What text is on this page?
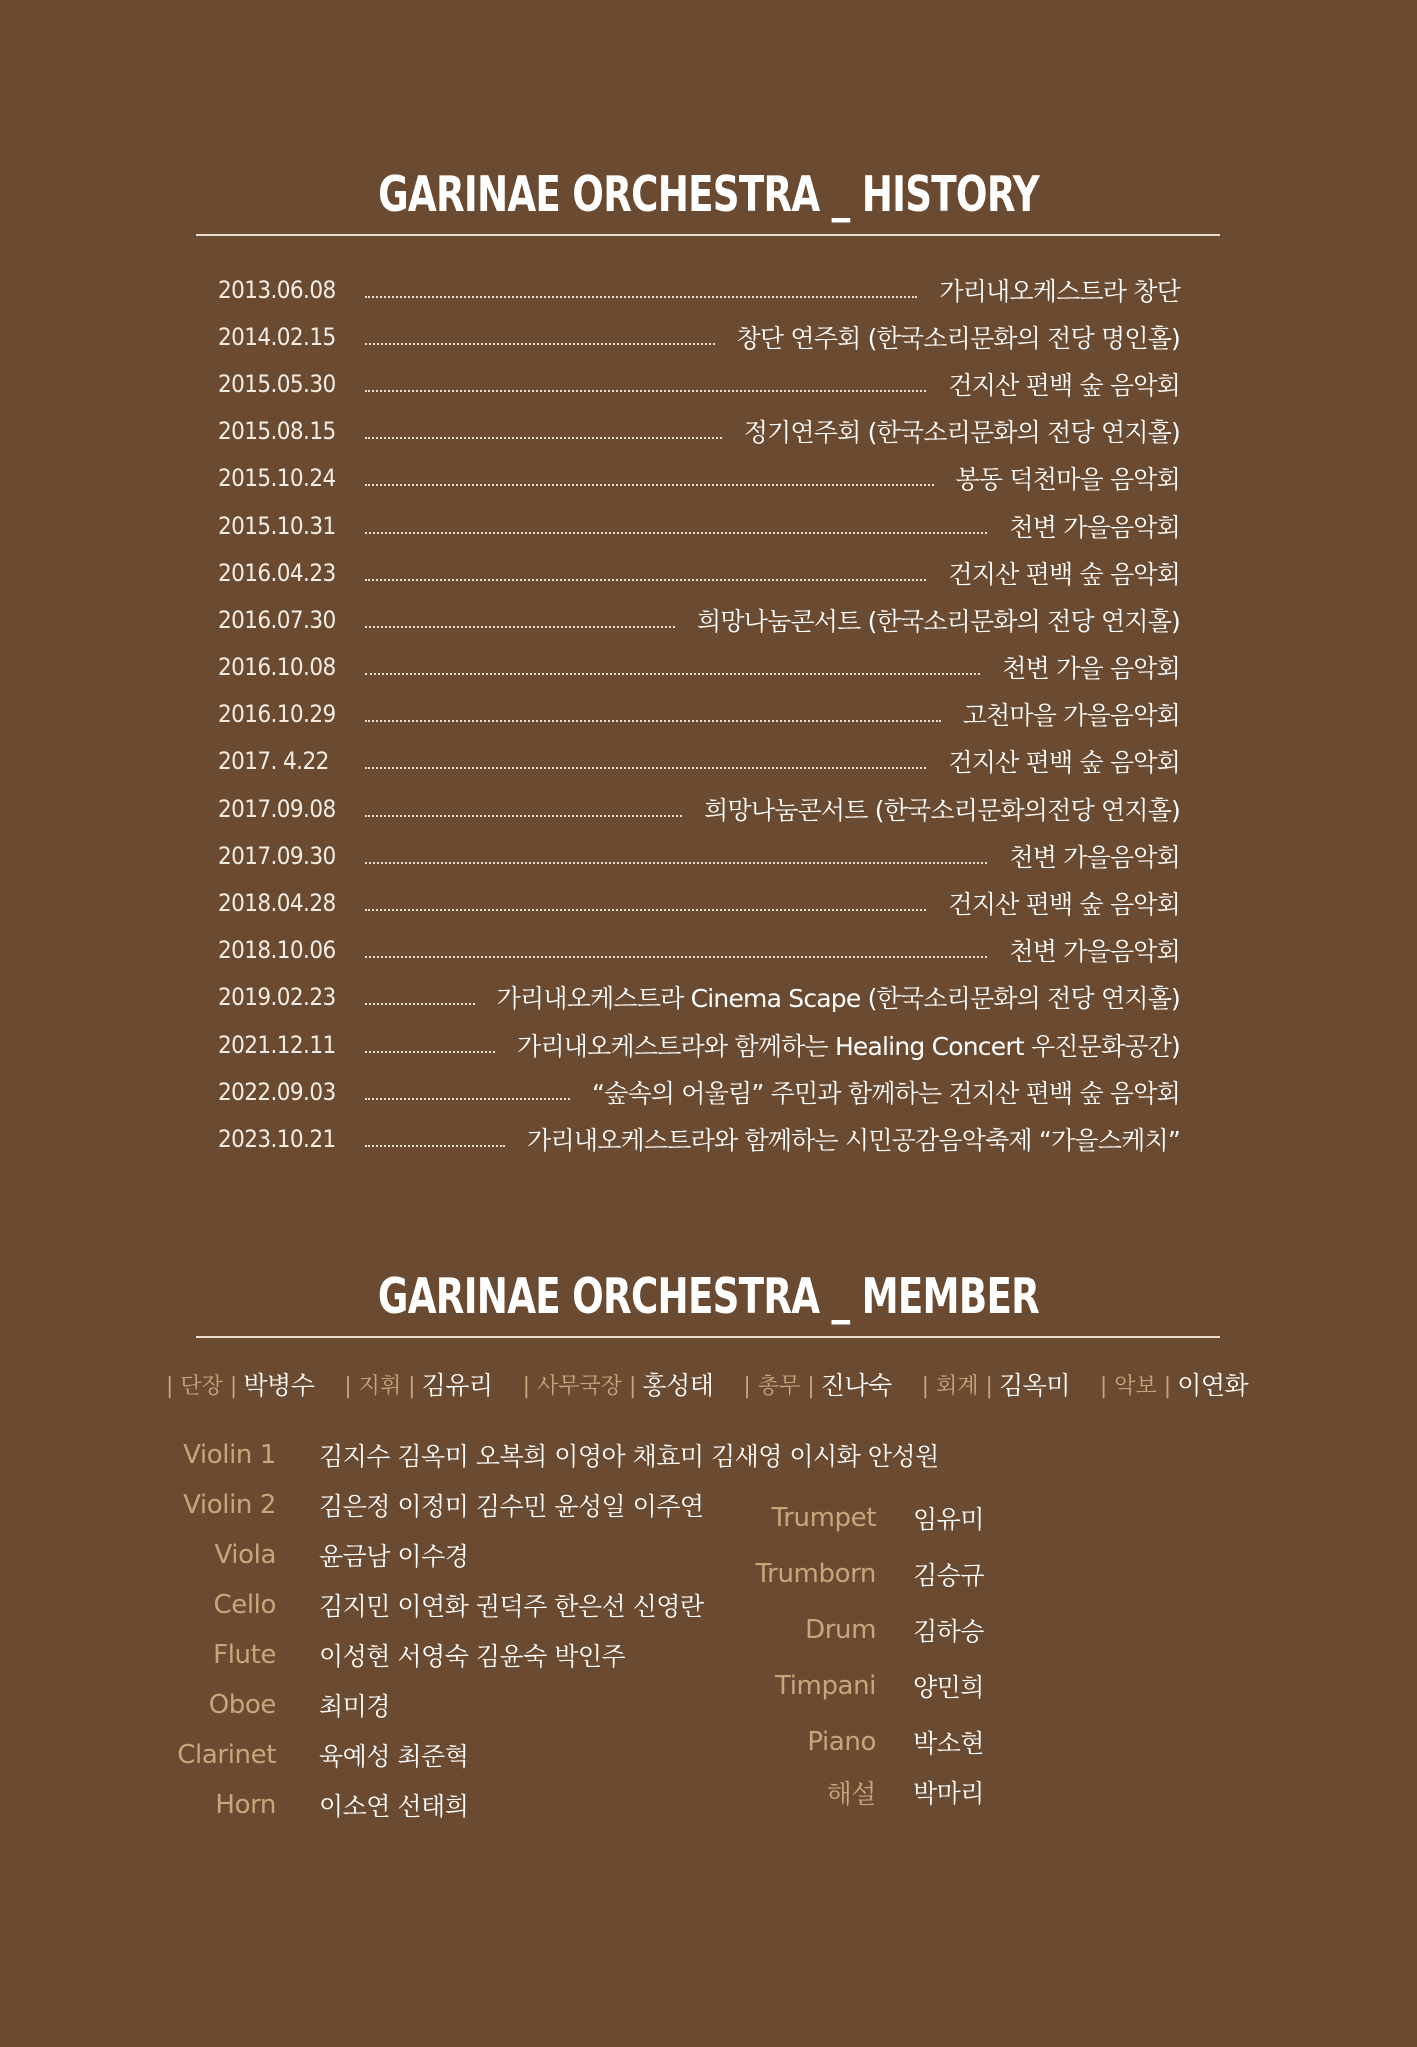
GARINAE ORCHESTRA _ HISTORY
2013.06.08	가리내오케스트라 창단
2014.02.15	창단 연주회 (한국소리문화의 전당 명인홀)
2015.05.30	건지산 편백 숲 음악회
2015.08.15	정기연주회 (한국소리문화의 전당 연지홀)
2015.10.24	봉동 덕천마을 음악회
2015.10.31	천변 가을음악회
2016.04.23	건지산 편백 숲 음악회
2016.07.30	희망나눔콘서트 (한국소리문화의 전당 연지홀)
2016.10.08	천변 가을 음악회
2016.10.29	고천마을 가을음악회
2017. 4.22	건지산 편백 숲 음악회
2017.09.08	희망나눔콘서트 (한국소리문화의전당 연지홀)
2017.09.30	천변 가을음악회
2018.04.28	건지산 편백 숲 음악회
2018.10.06	천변 가을음악회
2019.02.23	가리내오케스트라 Cinema Scape (한국소리문화의 전당 연지홀)
2021.12.11	가리내오케스트라와 함께하는 Healing Concert 우진문화공간)
2022.09.03	“숲속의 어울림” 주민과 함께하는 건지산 편백 숲 음악회
2023.10.21	가리내오케스트라와 함께하는 시민공감음악축제 “가을스케치”
GARINAE ORCHESTRA _ MEMBER
| 단장 | 박병수 | 지휘 | 김유리 | 사무국장 | 홍성태 | 총무 | 진나숙 | 회계 | 김옥미 | 악보 | 이연화
Violin 1 김지수 김옥미 오복희 이영아 채효미 김새영 이시화 안성원
Violin 2 김은정 이정미 김수민 윤성일 이주연
Viola 윤금남 이수경
Cello 김지민 이연화 권덕주 한은선 신영란
Flute 이성현 서영숙 김윤숙 박인주
Oboe 최미경
Clarinet 육예성 최준혁
Horn 이소연 선태희
Trumpet 임유미
Trumborn 김승규
Drum 김하승
Timpani 양민희
Piano 박소현
해설 박마리
